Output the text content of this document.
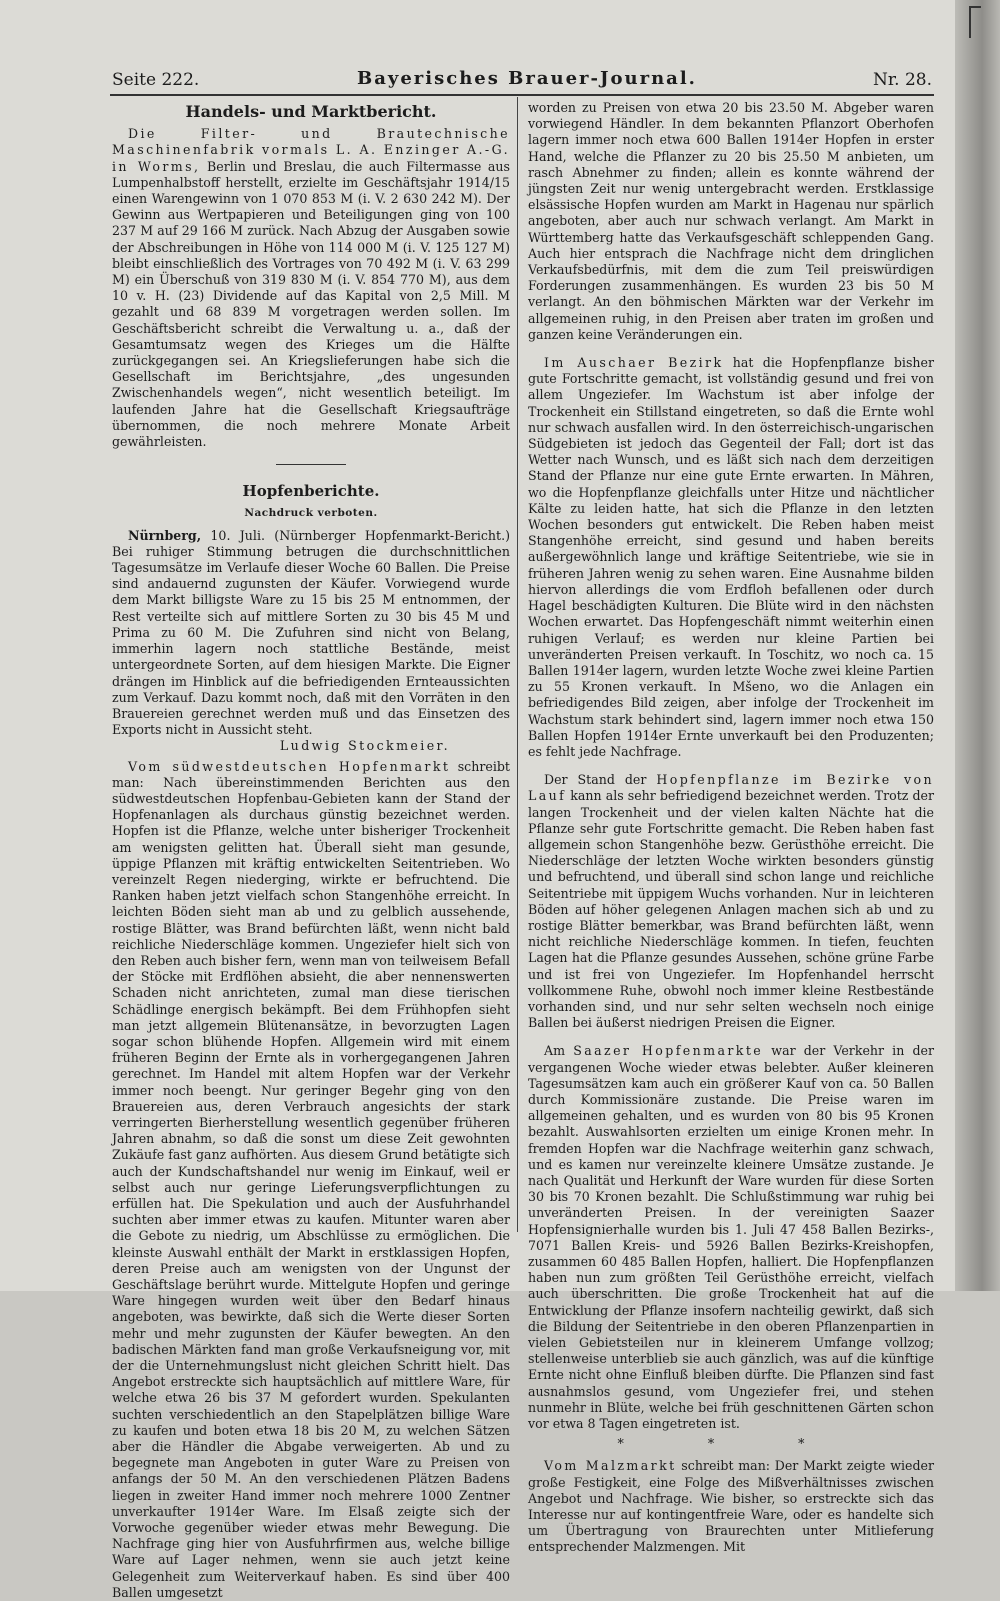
Seite 222.	Bayerisches Brauer-Journal.	Nr. 28.
Handels- und Marktbericht.

Die Filter- und Brautechnische Maschinenfabrik vormals L. A. Enzinger A.-G. in Worms, Berlin und Breslau, die auch Filtermasse aus Lumpenhalbstoff herstellt, erzielte im Geschäftsjahr 1914/15 einen Warengewinn von 1 070 853 M (i. V. 2 630 242 M). Der Gewinn aus Wertpapieren und Beteiligungen ging von 100 237 M auf 29 166 M zurück. Nach Abzug der Ausgaben sowie der Abschreibungen in Höhe von 114 000 M (i. V. 125 127 M) bleibt einschließlich des Vortrages von 70 492 M (i. V. 63 299 M) ein Überschuß von 319 830 M (i. V. 854 770 M), aus dem 10 v. H. (23) Dividende auf das Kapital von 2,5 Mill. M gezahlt und 68 839 M vorgetragen werden sollen. Im Geschäftsbericht schreibt die Verwaltung u. a., daß der Gesamtumsatz wegen des Krieges um die Hälfte zurückgegangen sei. An Kriegslieferungen habe sich die Gesellschaft im Berichtsjahre, „des ungesunden Zwischenhandels wegen“, nicht wesentlich beteiligt. Im laufenden Jahre hat die Gesellschaft Kriegsaufträge übernommen, die noch mehrere Monate Arbeit gewährleisten.

Hopfenberichte.
Nachdruck verboten.

Nürnberg, 10. Juli. (Nürnberger Hopfenmarkt-Bericht.) Bei ruhiger Stimmung betrugen die durchschnittlichen Tagesumsätze im Verlaufe dieser Woche 60 Ballen. Die Preise sind andauernd zugunsten der Käufer. Vorwiegend wurde dem Markt billigste Ware zu 15 bis 25 M entnommen, der Rest verteilte sich auf mittlere Sorten zu 30 bis 45 M und Prima zu 60 M. Die Zufuhren sind nicht von Belang, immerhin lagern noch stattliche Bestände, meist untergeordnete Sorten, auf dem hiesigen Markte. Die Eigner drängen im Hinblick auf die befriedigenden Ernteaussichten zum Verkauf. Dazu kommt noch, daß mit den Vorräten in den Brauereien gerechnet werden muß und das Einsetzen des Exports nicht in Aussicht steht.

Ludwig Stockmeier.

Vom südwestdeutschen Hopfenmarkt schreibt man: Nach übereinstimmenden Berichten aus den südwestdeutschen Hopfenbau-Gebieten kann der Stand der Hopfenanlagen als durchaus günstig bezeichnet werden. Hopfen ist die Pflanze, welche unter bisheriger Trockenheit am wenigsten gelitten hat. Überall sieht man gesunde, üppige Pflanzen mit kräftig entwickelten Seitentrieben. Wo vereinzelt Regen niederging, wirkte er befruchtend. Die Ranken haben jetzt vielfach schon Stangenhöhe erreicht. In leichten Böden sieht man ab und zu gelblich aussehende, rostige Blätter, was Brand befürchten läßt, wenn nicht bald reichliche Niederschläge kommen. Ungeziefer hielt sich von den Reben auch bisher fern, wenn man von teilweisem Befall der Stöcke mit Erdflöhen absieht, die aber nennenswerten Schaden nicht anrichteten, zumal man diese tierischen Schädlinge energisch bekämpft. Bei dem Frühhopfen sieht man jetzt allgemein Blütenansätze, in bevorzugten Lagen sogar schon blühende Hopfen. Allgemein wird mit einem früheren Beginn der Ernte als in vorhergegangenen Jahren gerechnet. Im Handel mit altem Hopfen war der Verkehr immer noch beengt. Nur geringer Begehr ging von den Brauereien aus, deren Verbrauch angesichts der stark verringerten Bierherstellung wesentlich gegenüber früheren Jahren abnahm, so daß die sonst um diese Zeit gewohnten Zukäufe fast ganz aufhörten. Aus diesem Grund betätigte sich auch der Kundschaftshandel nur wenig im Einkauf, weil er selbst auch nur geringe Lieferungsverpflichtungen zu erfüllen hat. Die Spekulation und auch der Ausfuhrhandel suchten aber immer etwas zu kaufen. Mitunter waren aber die Gebote zu niedrig, um Abschlüsse zu ermöglichen. Die kleinste Auswahl enthält der Markt in erstklassigen Hopfen, deren Preise auch am wenigsten von der Ungunst der Geschäftslage berührt wurde. Mittelgute Hopfen und geringe Ware hingegen wurden weit über den Bedarf hinaus angeboten, was bewirkte, daß sich die Werte dieser Sorten mehr und mehr zugunsten der Käufer bewegten. An den badischen Märkten fand man große Verkaufsneigung vor, mit der die Unternehmungslust nicht gleichen Schritt hielt. Das Angebot erstreckte sich hauptsächlich auf mittlere Ware, für welche etwa 26 bis 37 M gefordert wurden. Spekulanten suchten verschiedentlich an den Stapelplätzen billige Ware zu kaufen und boten etwa 18 bis 20 M, zu welchen Sätzen aber die Händler die Abgabe verweigerten. Ab und zu begegnete man Angeboten in guter Ware zu Preisen von anfangs der 50 M. An den verschiedenen Plätzen Badens liegen in zweiter Hand immer noch mehrere 1000 Zentner unverkaufter 1914er Ware. Im Elsaß zeigte sich der Vorwoche gegenüber wieder etwas mehr Bewegung. Die Nachfrage ging hier von Ausfuhrfirmen aus, welche billige Ware auf Lager nehmen, wenn sie auch jetzt keine Gelegenheit zum Weiterverkauf haben. Es sind über 400 Ballen umgesetzt

worden zu Preisen von etwa 20 bis 23.50 M. Abgeber waren vorwiegend Händler. In dem bekannten Pflanzort Oberhofen lagern immer noch etwa 600 Ballen 1914er Hopfen in erster Hand, welche die Pflanzer zu 20 bis 25.50 M anbieten, um rasch Abnehmer zu finden; allein es konnte während der jüngsten Zeit nur wenig untergebracht werden. Erstklassige elsässische Hopfen wurden am Markt in Hagenau nur spärlich angeboten, aber auch nur schwach verlangt. Am Markt in Württemberg hatte das Verkaufsgeschäft schleppenden Gang. Auch hier entsprach die Nachfrage nicht dem dringlichen Verkaufsbedürfnis, mit dem die zum Teil preiswürdigen Forderungen zusammenhängen. Es wurden 23 bis 50 M verlangt. An den böhmischen Märkten war der Verkehr im allgemeinen ruhig, in den Preisen aber traten im großen und ganzen keine Veränderungen ein.

Im Auschaer Bezirk hat die Hopfenpflanze bisher gute Fortschritte gemacht, ist vollständig gesund und frei von allem Ungeziefer. Im Wachstum ist aber infolge der Trockenheit ein Stillstand eingetreten, so daß die Ernte wohl nur schwach ausfallen wird. In den österreichisch-ungarischen Südgebieten ist jedoch das Gegenteil der Fall; dort ist das Wetter nach Wunsch, und es läßt sich nach dem derzeitigen Stand der Pflanze nur eine gute Ernte erwarten. In Mähren, wo die Hopfenpflanze gleichfalls unter Hitze und nächtlicher Kälte zu leiden hatte, hat sich die Pflanze in den letzten Wochen besonders gut entwickelt. Die Reben haben meist Stangenhöhe erreicht, sind gesund und haben bereits außergewöhnlich lange und kräftige Seitentriebe, wie sie in früheren Jahren wenig zu sehen waren. Eine Ausnahme bilden hiervon allerdings die vom Erdfloh befallenen oder durch Hagel beschädigten Kulturen. Die Blüte wird in den nächsten Wochen erwartet. Das Hopfengeschäft nimmt weiterhin einen ruhigen Verlauf; es werden nur kleine Partien bei unveränderten Preisen verkauft. In Toschitz, wo noch ca. 15 Ballen 1914er lagern, wurden letzte Woche zwei kleine Partien zu 55 Kronen verkauft. In Mšeno, wo die Anlagen ein befriedigendes Bild zeigen, aber infolge der Trockenheit im Wachstum stark behindert sind, lagern immer noch etwa 150 Ballen Hopfen 1914er Ernte unverkauft bei den Produzenten; es fehlt jede Nachfrage.

Der Stand der Hopfenpflanze im Bezirke von Lauf kann als sehr befriedigend bezeichnet werden. Trotz der langen Trockenheit und der vielen kalten Nächte hat die Pflanze sehr gute Fortschritte gemacht. Die Reben haben fast allgemein schon Stangenhöhe bezw. Gerüsthöhe erreicht. Die Niederschläge der letzten Woche wirkten besonders günstig und befruchtend, und überall sind schon lange und reichliche Seitentriebe mit üppigem Wuchs vorhanden. Nur in leichteren Böden auf höher gelegenen Anlagen machen sich ab und zu rostige Blätter bemerkbar, was Brand befürchten läßt, wenn nicht reichliche Niederschläge kommen. In tiefen, feuchten Lagen hat die Pflanze gesundes Aussehen, schöne grüne Farbe und ist frei von Ungeziefer. Im Hopfenhandel herrscht vollkommene Ruhe, obwohl noch immer kleine Restbestände vorhanden sind, und nur sehr selten wechseln noch einige Ballen bei äußerst niedrigen Preisen die Eigner.

Am Saazer Hopfenmarkte war der Verkehr in der vergangenen Woche wieder etwas belebter. Außer kleineren Tagesumsätzen kam auch ein größerer Kauf von ca. 50 Ballen durch Kommissionäre zustande. Die Preise waren im allgemeinen gehalten, und es wurden von 80 bis 95 Kronen bezahlt. Auswahlsorten erzielten um einige Kronen mehr. In fremden Hopfen war die Nachfrage weiterhin ganz schwach, und es kamen nur vereinzelte kleinere Umsätze zustande. Je nach Qualität und Herkunft der Ware wurden für diese Sorten 30 bis 70 Kronen bezahlt. Die Schlußstimmung war ruhig bei unveränderten Preisen. In der vereinigten Saazer Hopfensignierhalle wurden bis 1. Juli 47 458 Ballen Bezirks-, 7071 Ballen Kreis- und 5926 Ballen Bezirks-Kreishopfen, zusammen 60 485 Ballen Hopfen, halliert. Die Hopfenpflanzen haben nun zum größten Teil Gerüsthöhe erreicht, vielfach auch überschritten. Die große Trockenheit hat auf die Entwicklung der Pflanze insofern nachteilig gewirkt, daß sich die Bildung der Seitentriebe in den oberen Pflanzenpartien in vielen Gebietsteilen nur in kleinerem Umfange vollzog; stellenweise unterblieb sie auch gänzlich, was auf die künftige Ernte nicht ohne Einfluß bleiben dürfte. Die Pflanzen sind fast ausnahmslos gesund, vom Ungeziefer frei, und stehen nunmehr in Blüte, welche bei früh geschnittenen Gärten schon vor etwa 8 Tagen eingetreten ist.

* * *

Vom Malzmarkt schreibt man: Der Markt zeigte wieder große Festigkeit, eine Folge des Mißverhältnisses zwischen Angebot und Nachfrage. Wie bisher, so erstreckte sich das Interesse nur auf kontingentfreie Ware, oder es handelte sich um Übertragung von Braurechten unter Mitlieferung entsprechender Malzmengen. Mit
